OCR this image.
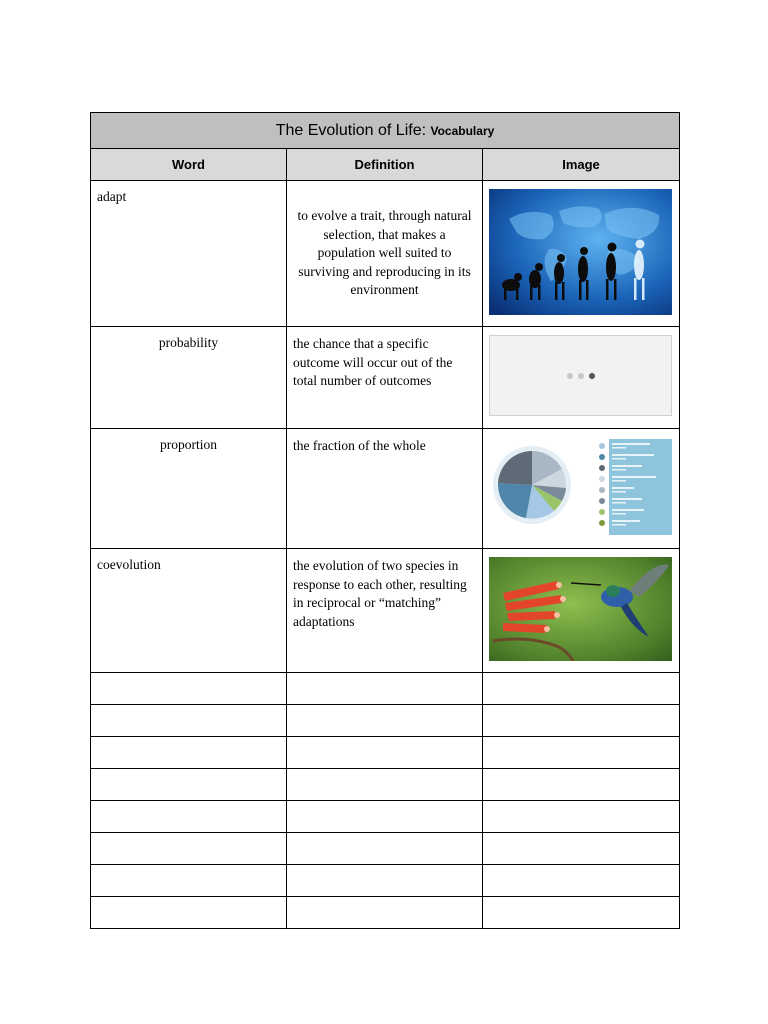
The Evolution of Life: Vocabulary		
Word	Definition	Image
adapt	to evolve a trait, through natural selection, that makes a population well suited to surviving and reproducing in its environment	

probability	the chance that a specific outcome will occur out of the total number of outcomes	

proportion	the fraction of the whole	

coevolution	the evolution of two species in response to each other, resulting in reciprocal or “matching” adaptations	
